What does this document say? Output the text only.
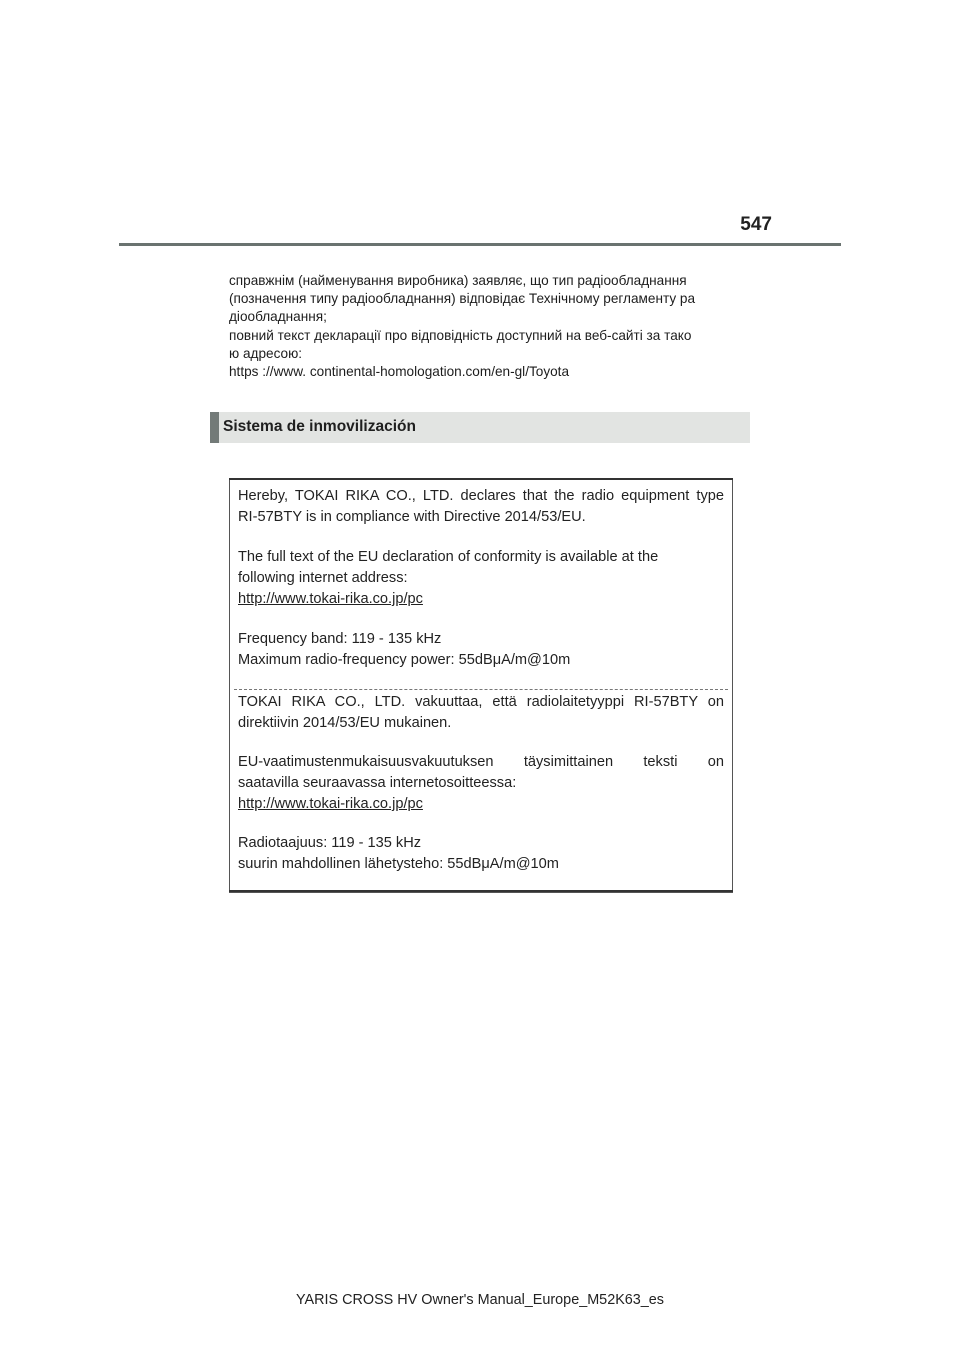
547
справжнім (найменування виробника) заявляє, що тип радіообладнання
(позначення типу радіообладнання) відповідає Технічному регламенту ра
діообладнання;
повний текст декларації про відповідність доступний на веб-сайті за тако
ю адресою:
https ://www. continental-homologation.com/en-gl/Toyota
Sistema de inmovilización
Hereby, TOKAI RIKA CO., LTD. declares that the radio equipment type
RI-57BTY is in compliance with Directive 2014/53/EU.
The full text of the EU declaration of conformity is available at the
following internet address:
http://www.tokai-rika.co.jp/pc
Frequency band: 119 - 135 kHz
Maximum radio-frequency power: 55dBμA/m@10m
TOKAI RIKA CO., LTD. vakuuttaa, että radiolaitetyyppi RI-57BTY on
direktiivin 2014/53/EU mukainen.
EU-vaatimustenmukaisuusvakuutuksen täysimittainen teksti on
saatavilla seuraavassa internetosoitteessa:
http://www.tokai-rika.co.jp/pc
Radiotaajuus: 119 - 135 kHz
suurin mahdollinen lähetysteho: 55dBμA/m@10m
YARIS CROSS HV Owner's Manual_Europe_M52K63_es
